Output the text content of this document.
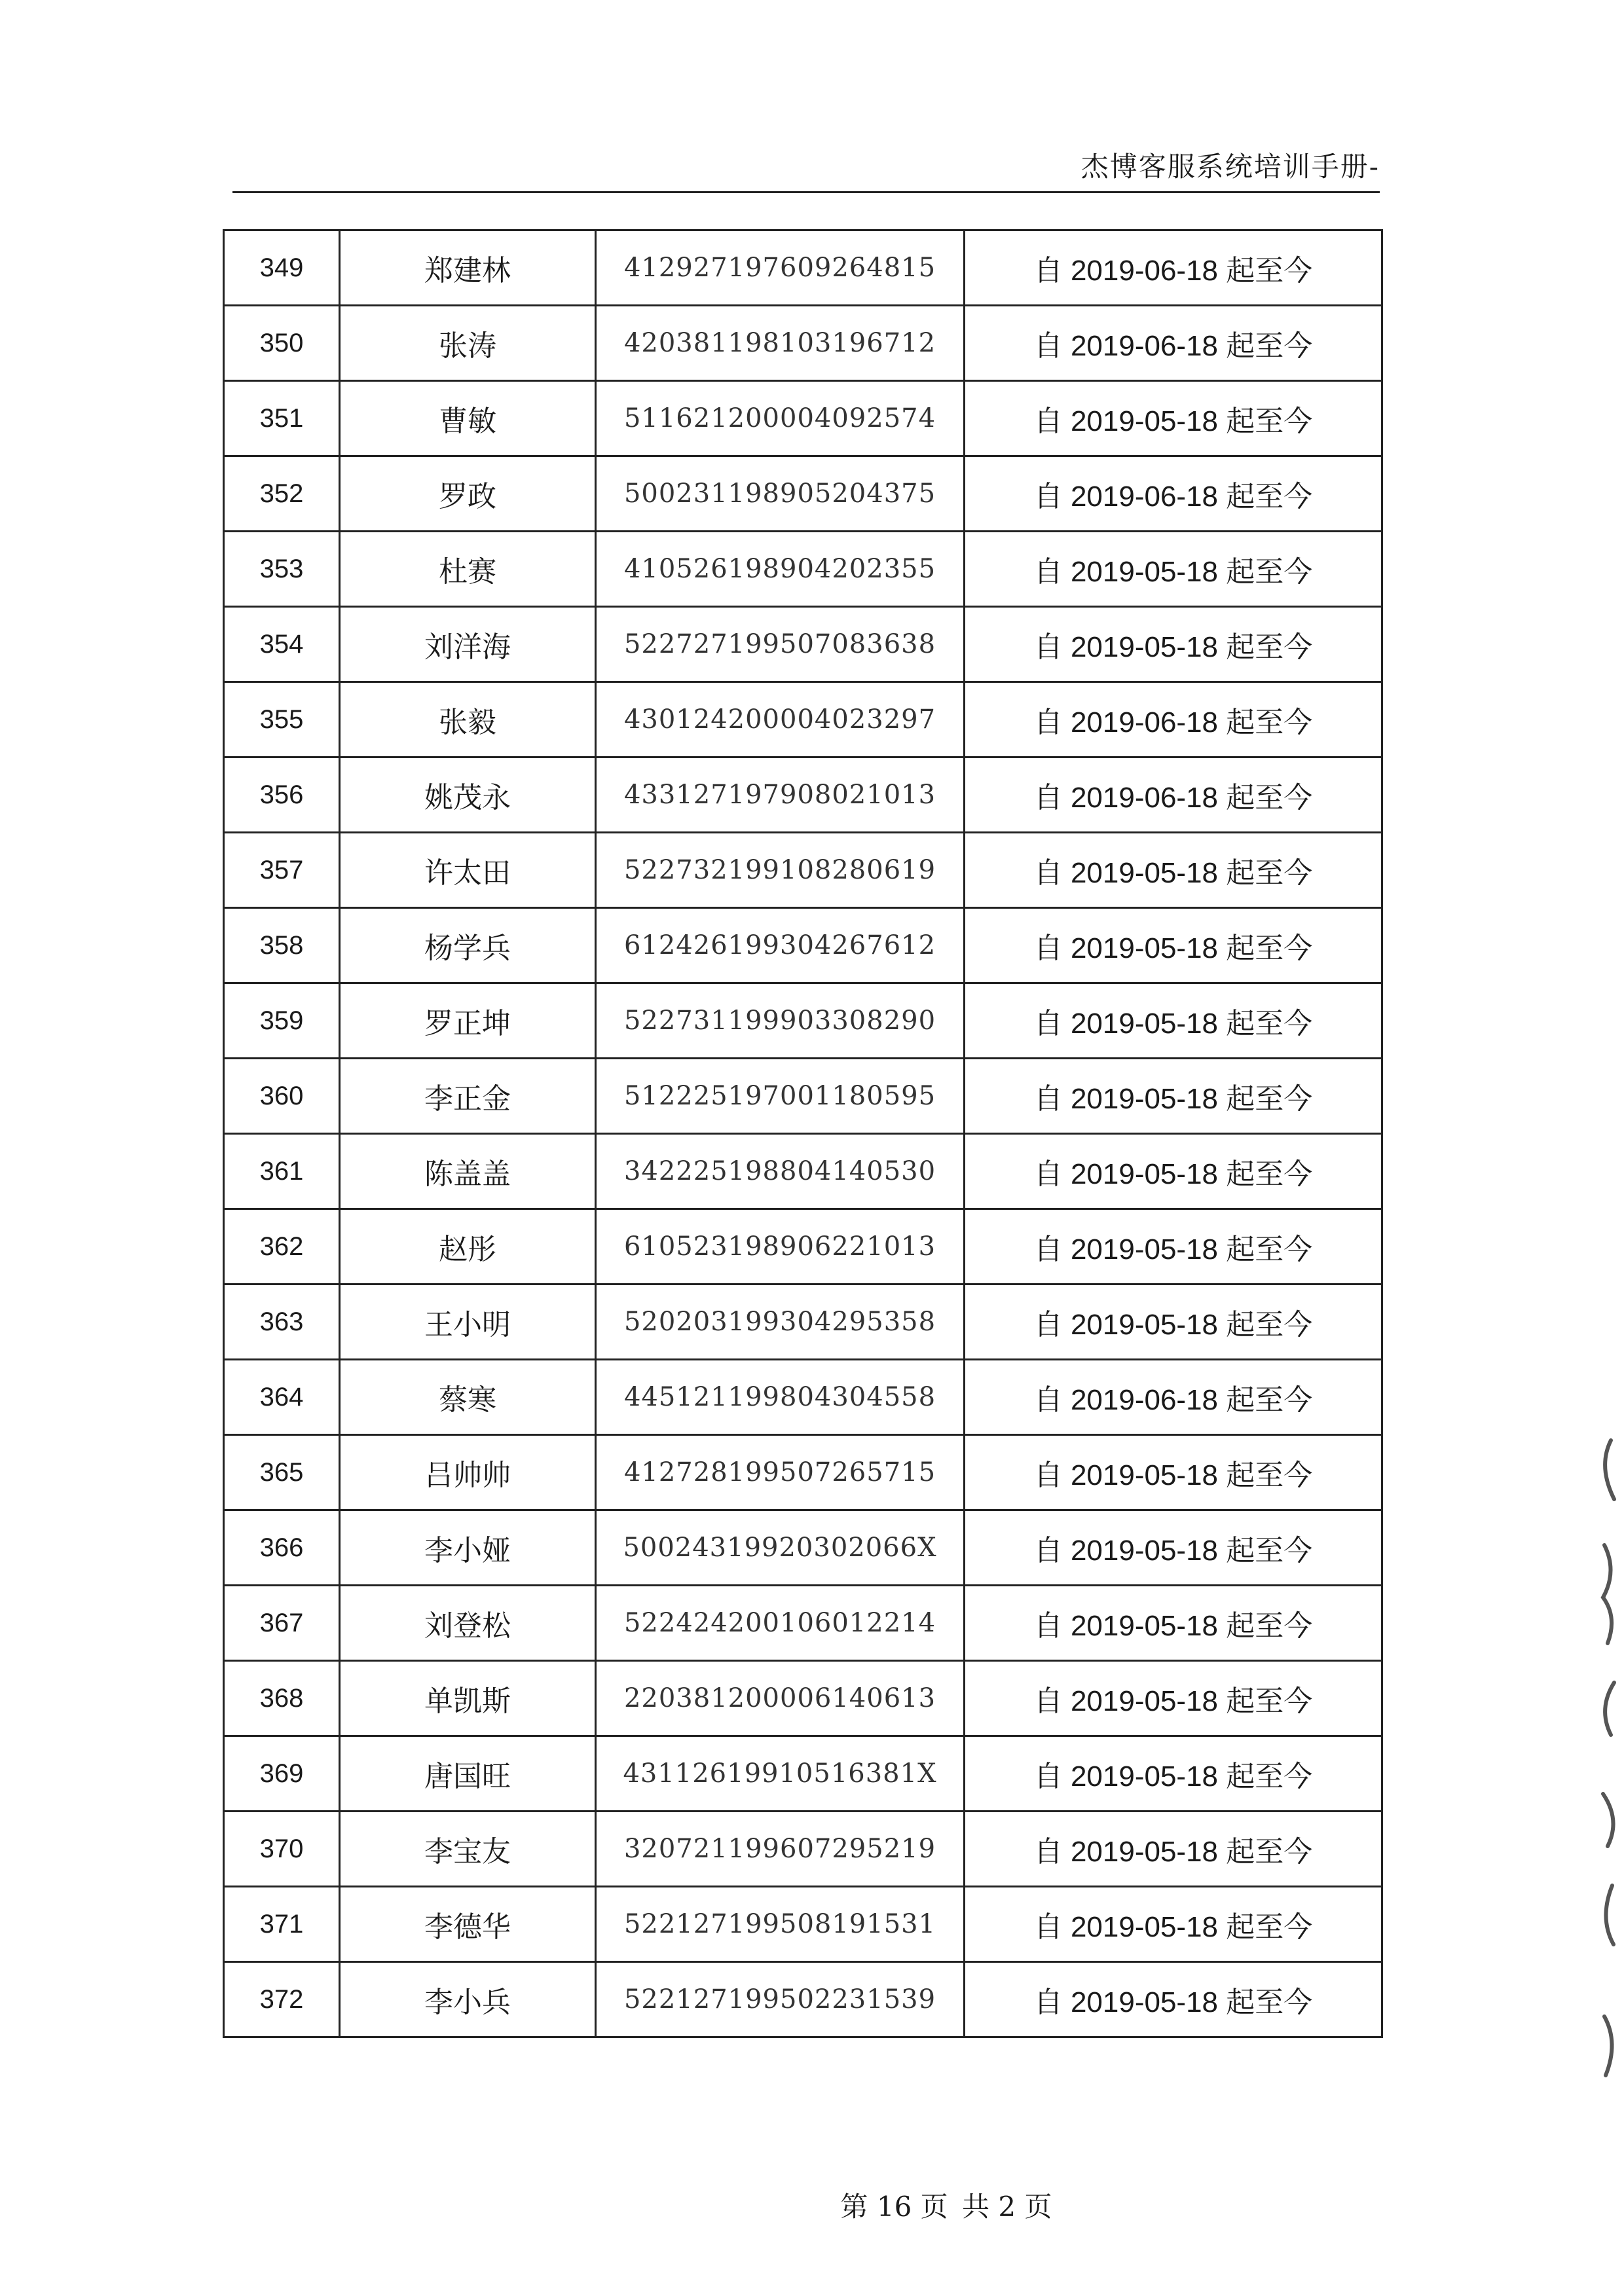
杰博客服系统培训手册-
349	郑建林	412927197609264815	自 2019-06-18 起至今
350	张涛	420381198103196712	自 2019-06-18 起至今
351	曹敏	511621200004092574	自 2019-05-18 起至今
352	罗政	500231198905204375	自 2019-06-18 起至今
353	杜赛	410526198904202355	自 2019-05-18 起至今
354	刘洋海	522727199507083638	自 2019-05-18 起至今
355	张毅	430124200004023297	自 2019-06-18 起至今
356	姚茂永	433127197908021013	自 2019-06-18 起至今
357	许太田	522732199108280619	自 2019-05-18 起至今
358	杨学兵	612426199304267612	自 2019-05-18 起至今
359	罗正坤	522731199903308290	自 2019-05-18 起至今
360	李正金	512225197001180595	自 2019-05-18 起至今
361	陈盖盖	342225198804140530	自 2019-05-18 起至今
362	赵彤	610523198906221013	自 2019-05-18 起至今
363	王小明	520203199304295358	自 2019-05-18 起至今
364	蔡寒	445121199804304558	自 2019-06-18 起至今
365	吕帅帅	412728199507265715	自 2019-05-18 起至今
366	李小娅	50024319920302066X	自 2019-05-18 起至今
367	刘登松	522424200106012214	自 2019-05-18 起至今
368	单凯斯	220381200006140613	自 2019-05-18 起至今
369	唐国旺	43112619910516381X	自 2019-05-18 起至今
370	李宝友	320721199607295219	自 2019-05-18 起至今
371	李德华	522127199508191531	自 2019-05-18 起至今
372	李小兵	522127199502231539	自 2019-05-18 起至今
第 16 页 共 2 页
